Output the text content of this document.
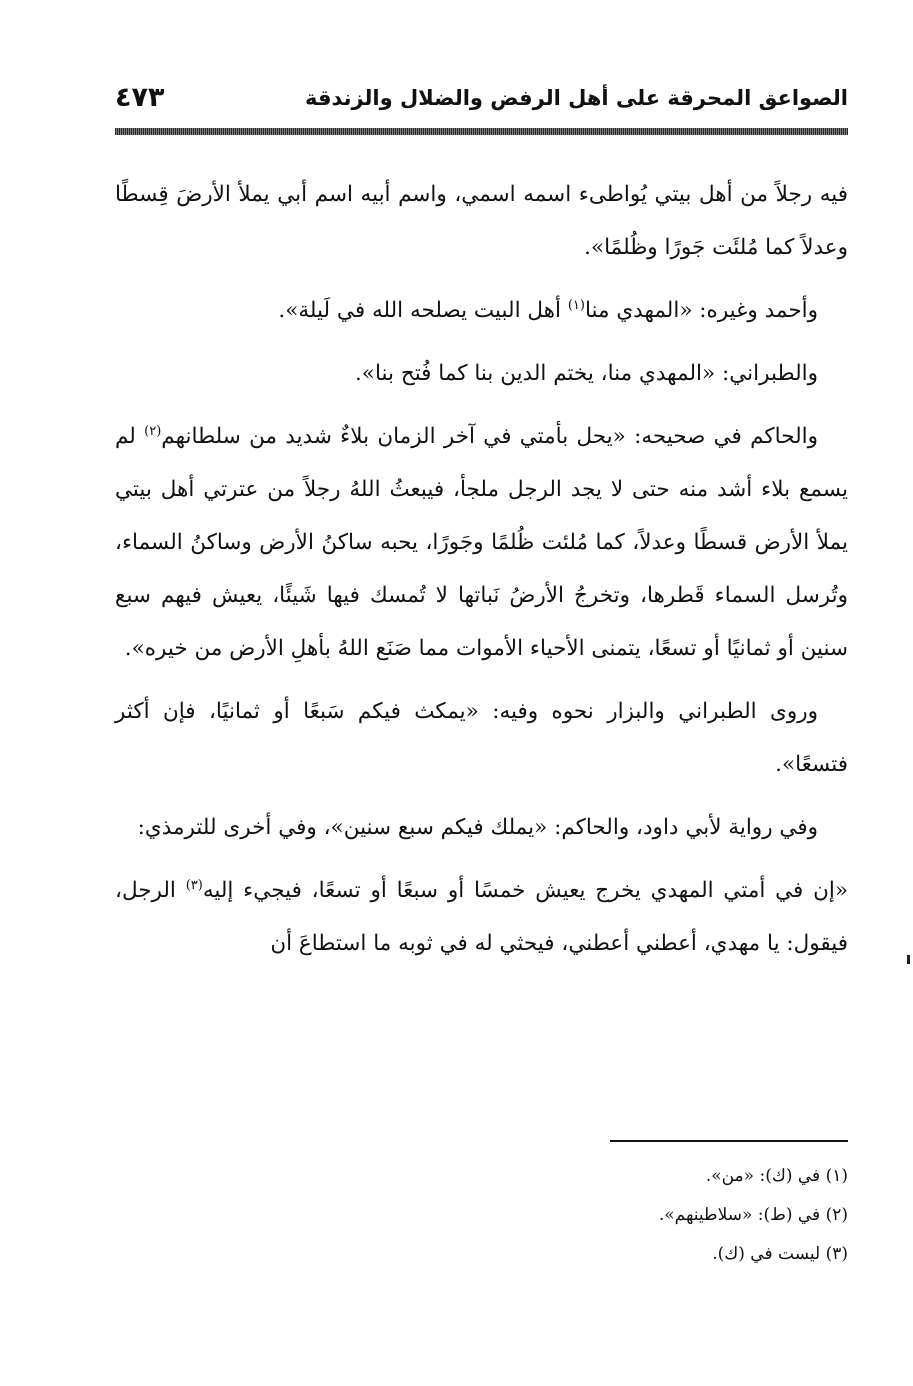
الصواعق المحرقة على أهل الرفض والضلال والزندقة
٤٧٣

فيه رجلاً من أهل بيتي يُواطىء اسمه اسمي، واسم أبيه اسم أبي يملأ الأرضَ قِسطًا وعدلاً كما مُلئَت جَورًا وظُلمًا».

وأحمد وغيره: «المهدي منا$^{(١)}$ أهل البيت يصلحه الله في لَيلة».

والطبراني: «المهدي منا، يختم الدين بنا كما فُتح بنا».

والحاكم في صحيحه: «يحل بأمتي في آخر الزمان بلاءٌ شديد من سلطانهم$^{(٢)}$ لم يسمع بلاء أشد منه حتى لا يجد الرجل ملجأ، فيبعثُ اللهُ رجلاً من عترتي أهل بيتي يملأ الأرض قسطًا وعدلاً، كما مُلئت ظُلمًا وجَورًا، يحبه ساكنُ الأرض وساكنُ السماء، وتُرسل السماء قَطرها، وتخرجُ الأرضُ نَباتها لا تُمسك فيها شَيئًا، يعيش فيهم سبع سنين أو ثمانيًا أو تسعًا، يتمنى الأحياء الأموات مما صَنَع اللهُ بأهلِ الأرض من خيره».

وروى الطبراني والبزار نحوه وفيه: «يمكث فيكم سَبعًا أو ثمانيًا، فإن أكثر فتسعًا».

وفي رواية لأبي داود، والحاكم: «يملك فيكم سبع سنين»، وفي أخرى للترمذي:

«إن في أمتي المهدي يخرج يعيش خمسًا أو سبعًا أو تسعًا، فيجيء إليه$^{(٣)}$ الرجل، فيقول: يا مهدي، أعطني أعطني، فيحثي له في ثوبه ما استطاعَ أن

(١) في (ك): «من».
(٢) في (ط): «سلاطينهم».
(٣) ليست في (ك).
